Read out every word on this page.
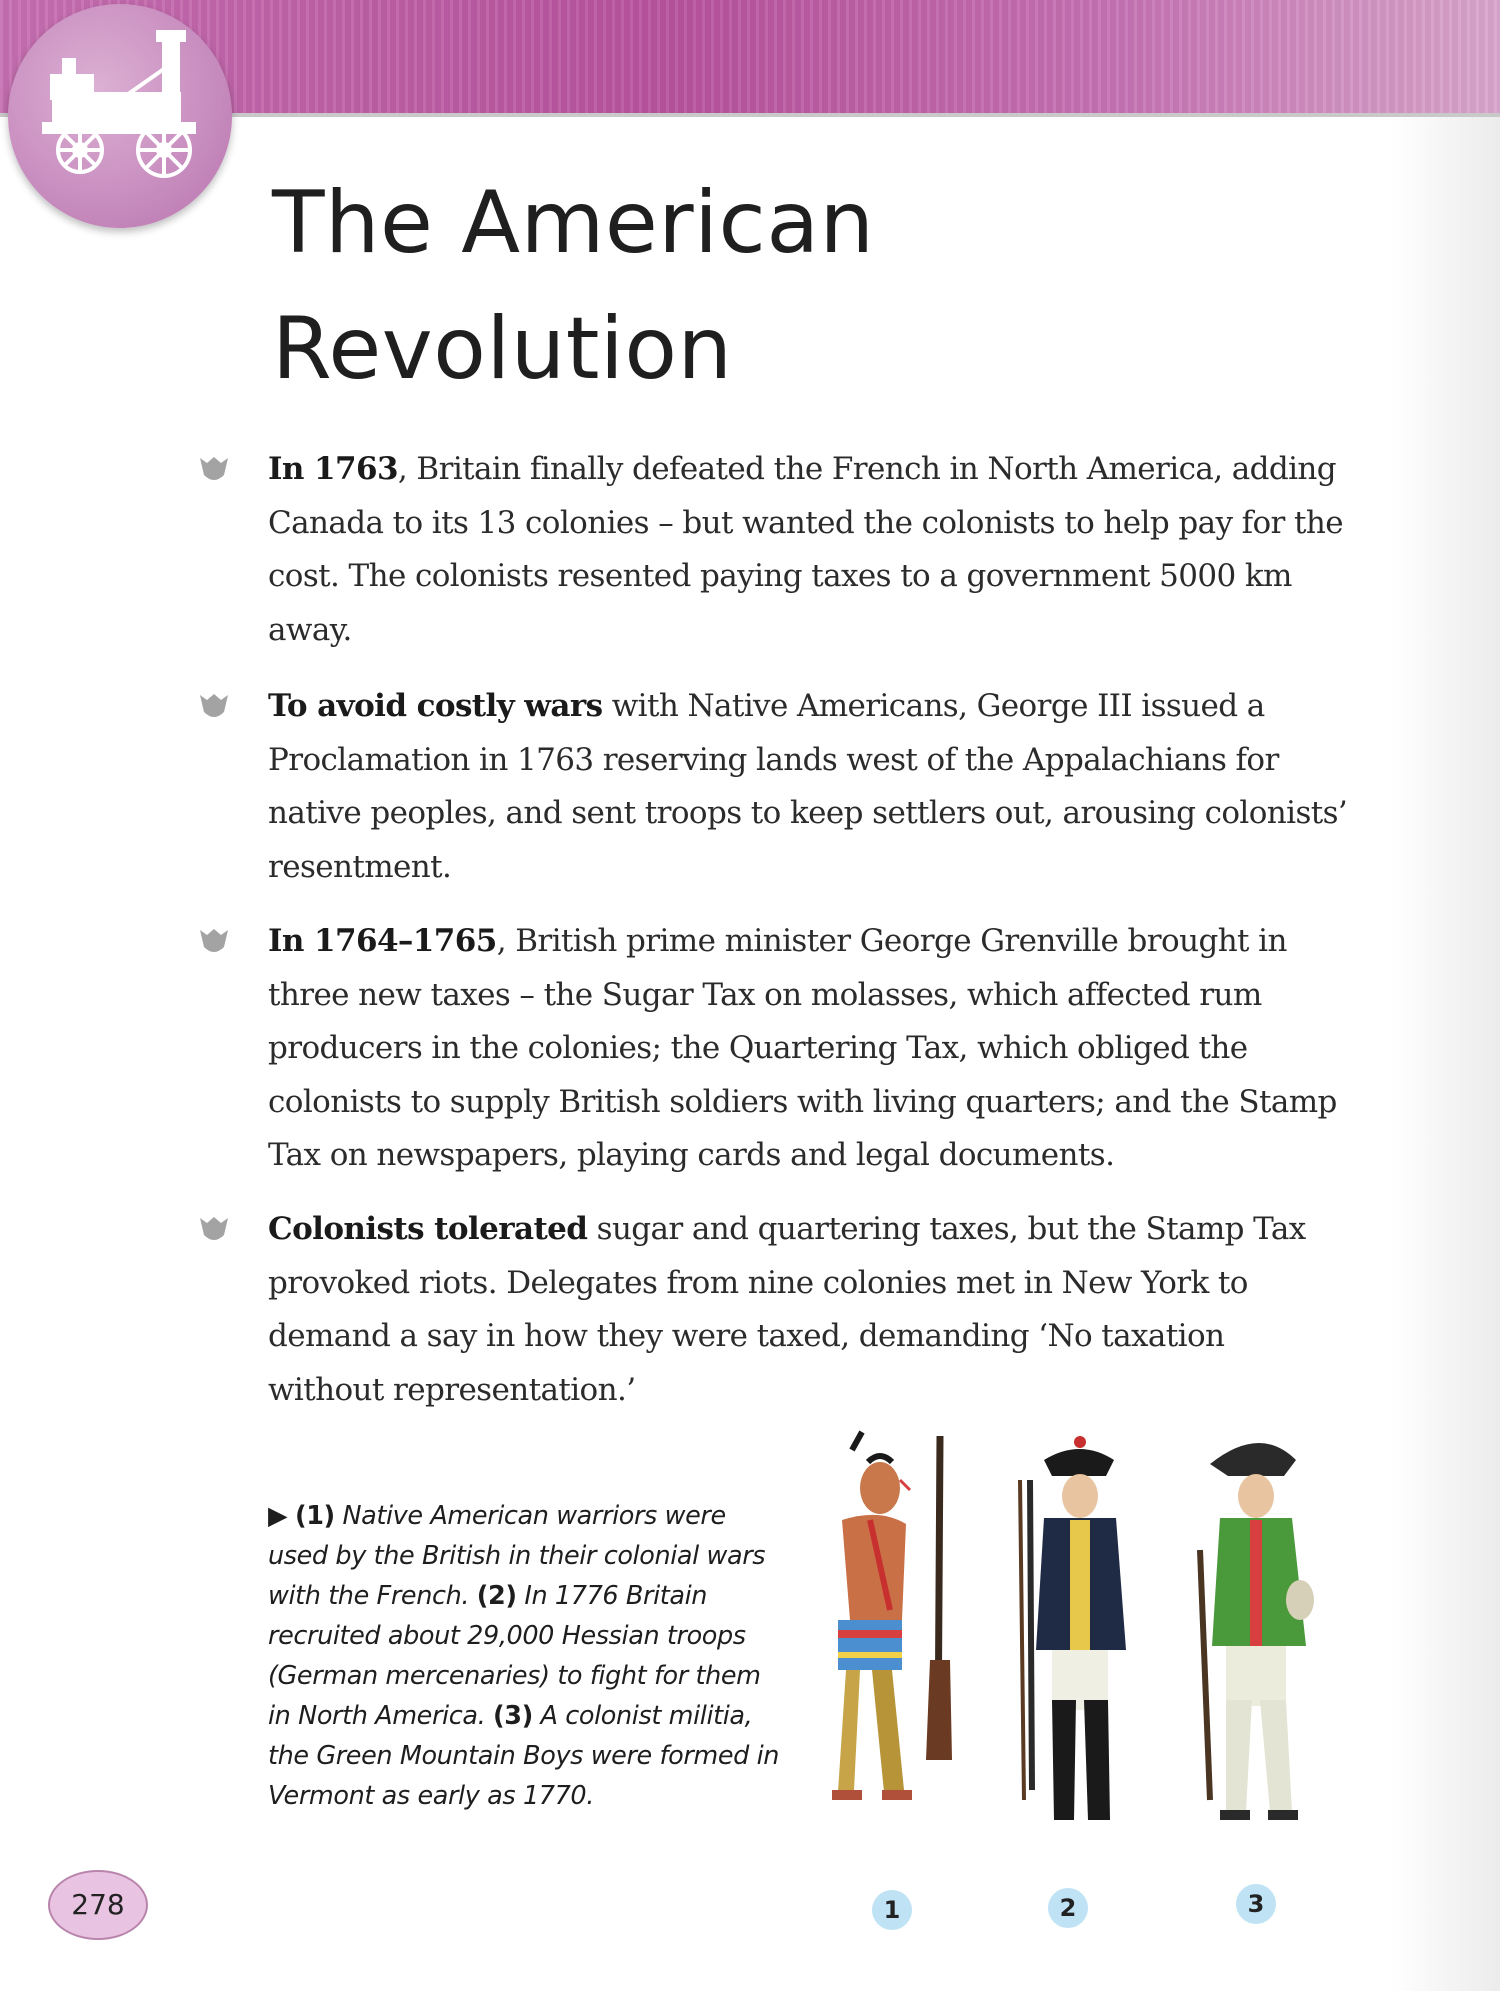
The American
Revolution

In 1763, Britain finally defeated the French in North America, adding Canada to its 13 colonies – but wanted the colonists to help pay for the cost. The colonists resented paying taxes to a government 5000 km away.

To avoid costly wars with Native Americans, George III issued a Proclamation in 1763 reserving lands west of the Appalachians for native peoples, and sent troops to keep settlers out, arousing colonists’ resentment.

In 1764–1765, British prime minister George Grenville brought in three new taxes – the Sugar Tax on molasses, which affected rum producers in the colonies; the Quartering Tax, which obliged the colonists to supply British soldiers with living quarters; and the Stamp Tax on newspapers, playing cards and legal documents.

Colonists tolerated sugar and quartering taxes, but the Stamp Tax provoked riots. Delegates from nine colonies met in New York to demand a say in how they were taxed, demanding ‘No taxation without representation.’

▶ (1) Native American warriors were used by the British in their colonial wars with the French. (2) In 1776 Britain recruited about 29,000 Hessian troops (German mercenaries) to fight for them in North America. (3) A colonist militia, the Green Mountain Boys were formed in Vermont as early as 1770.

1	2	3
278
